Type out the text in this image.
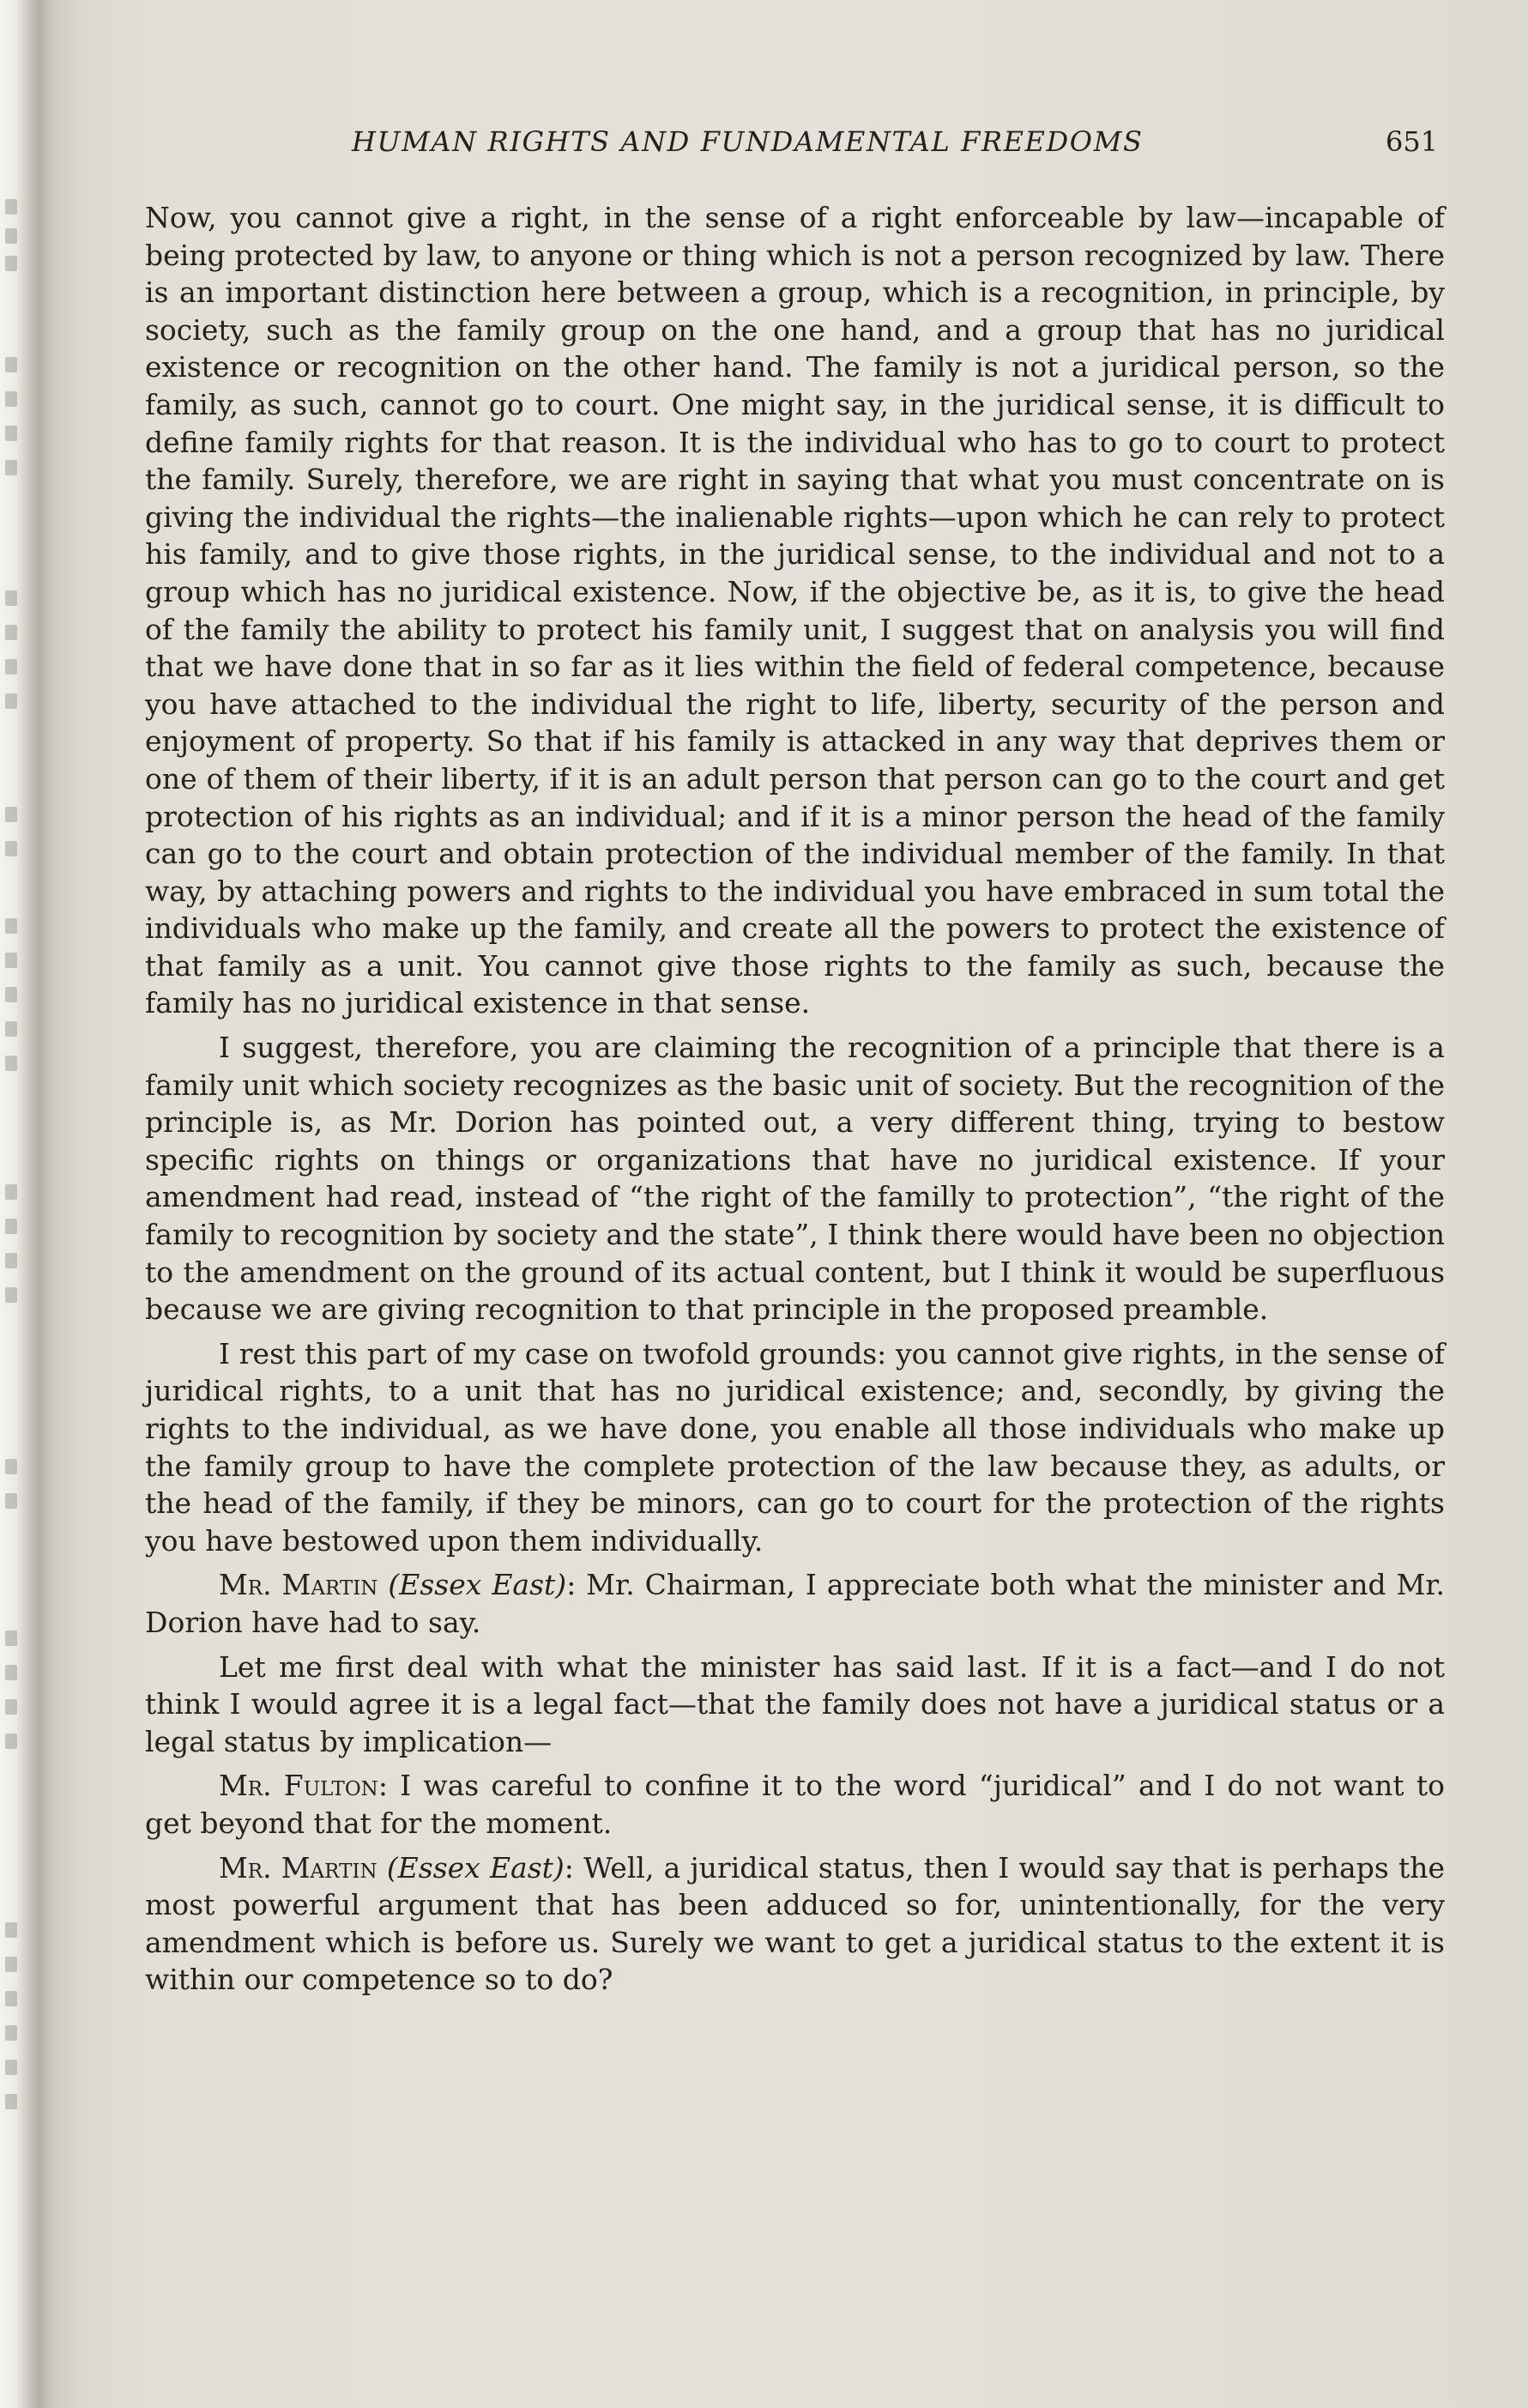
HUMAN RIGHTS AND FUNDAMENTAL FREEDOMS	651

Now, you cannot give a right, in the sense of a right enforceable by law—incapable of being protected by law, to anyone or thing which is not a person recognized by law. There is an important distinction here between a group, which is a recognition, in principle, by society, such as the family group on the one hand, and a group that has no juridical existence or recognition on the other hand. The family is not a juridical person, so the family, as such, cannot go to court. One might say, in the juridical sense, it is difficult to define family rights for that reason. It is the individual who has to go to court to protect the family. Surely, therefore, we are right in saying that what you must concentrate on is giving the individual the rights—the inalienable rights—upon which he can rely to protect his family, and to give those rights, in the juridical sense, to the individual and not to a group which has no juridical existence. Now, if the objective be, as it is, to give the head of the family the ability to protect his family unit, I suggest that on analysis you will find that we have done that in so far as it lies within the field of federal competence, because you have attached to the individual the right to life, liberty, security of the person and enjoyment of property. So that if his family is attacked in any way that deprives them or one of them of their liberty, if it is an adult person that person can go to the court and get protection of his rights as an individual; and if it is a minor person the head of the family can go to the court and obtain protection of the individual member of the family. In that way, by attaching powers and rights to the individual you have embraced in sum total the individuals who make up the family, and create all the powers to protect the existence of that family as a unit. You cannot give those rights to the family as such, because the family has no juridical existence in that sense.

I suggest, therefore, you are claiming the recognition of a principle that there is a family unit which society recognizes as the basic unit of society. But the recognition of the principle is, as Mr. Dorion has pointed out, a very different thing, trying to bestow specific rights on things or organizations that have no juridical existence. If your amendment had read, instead of “the right of the familly to protection”, “the right of the family to recognition by society and the state”, I think there would have been no objection to the amendment on the ground of its actual content, but I think it would be superfluous because we are giving recognition to that principle in the proposed preamble.

I rest this part of my case on twofold grounds: you cannot give rights, in the sense of juridical rights, to a unit that has no juridical existence; and, secondly, by giving the rights to the individual, as we have done, you enable all those individuals who make up the family group to have the complete protection of the law because they, as adults, or the head of the family, if they be minors, can go to court for the protection of the rights you have bestowed upon them individually.

Mr. Martin (Essex East): Mr. Chairman, I appreciate both what the minister and Mr. Dorion have had to say.

Let me first deal with what the minister has said last. If it is a fact—and I do not think I would agree it is a legal fact—that the family does not have a juridical status or a legal status by implication—

Mr. Fulton: I was careful to confine it to the word “juridical” and I do not want to get beyond that for the moment.

Mr. Martin (Essex East): Well, a juridical status, then I would say that is perhaps the most powerful argument that has been adduced so for, unintentionally, for the very amendment which is before us. Surely we want to get a juridical status to the extent it is within our competence so to do?
